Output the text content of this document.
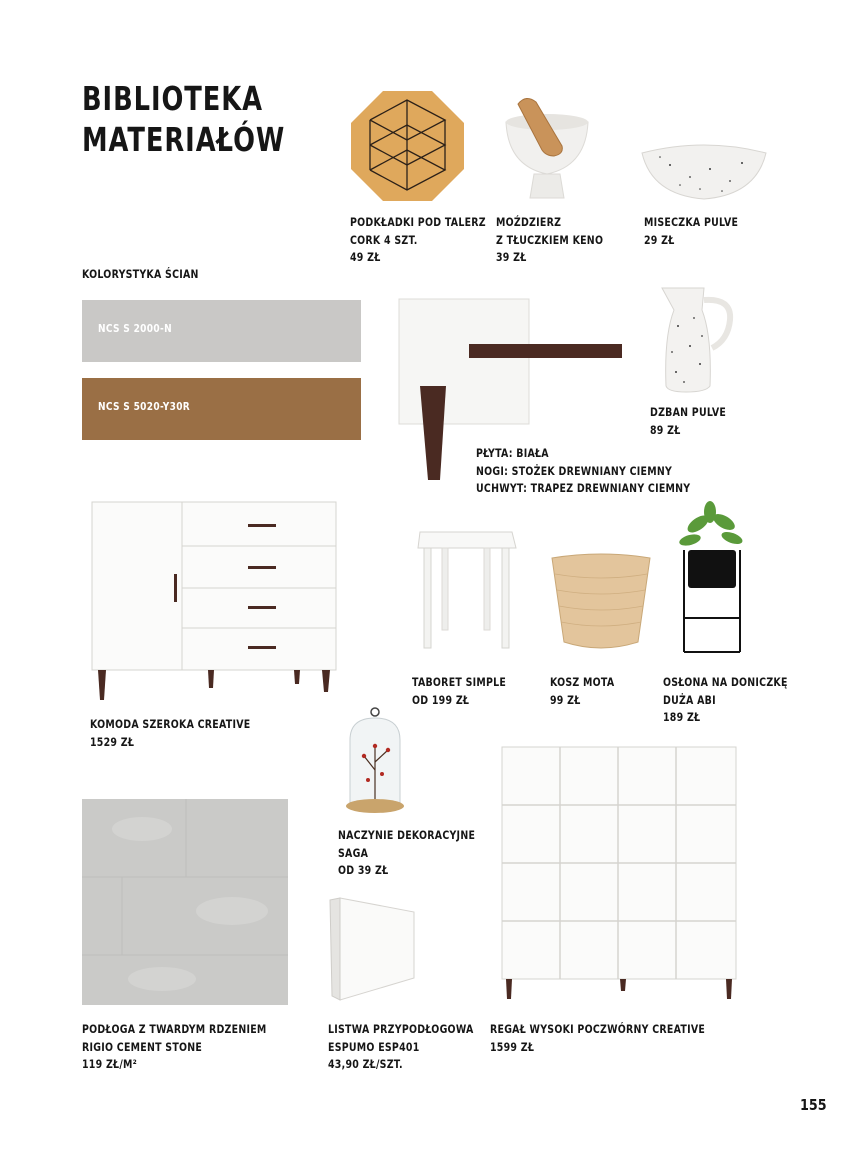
BIBLIOTEKA
MATERIAŁÓW
KOLORYSTYKA ŚCIAN
NCS S 2000-N
NCS S 5020-Y30R
PODKŁADKI POD TALERZ
CORK 4 SZT.
49 ZŁ
MOŹDZIERZ
Z TŁUCZKIEM KENO
39 ZŁ
MISECZKA PULVE
29 ZŁ
PŁYTA: BIAŁA
NOGI: STOŻEK DREWNIANY CIEMNY
UCHWYT: TRAPEZ DREWNIANY CIEMNY
DZBAN PULVE
89 ZŁ
KOMODA SZEROKA CREATIVE
1529 ZŁ
TABORET SIMPLE
OD 199 ZŁ
KOSZ MOTA
99 ZŁ
OSŁONA NA DONICZKĘ
DUŻA ABI
189 ZŁ
NACZYNIE DEKORACYJNE
SAGA
OD 39 ZŁ
PODŁOGA Z TWARDYM RDZENIEM
RIGIO CEMENT STONE
119 ZŁ/M²
LISTWA PRZYPODŁOGOWA
ESPUMO ESP401
43,90 ZŁ/SZT.
REGAŁ WYSOKI POCZWÓRNY CREATIVE
1599 ZŁ
155
